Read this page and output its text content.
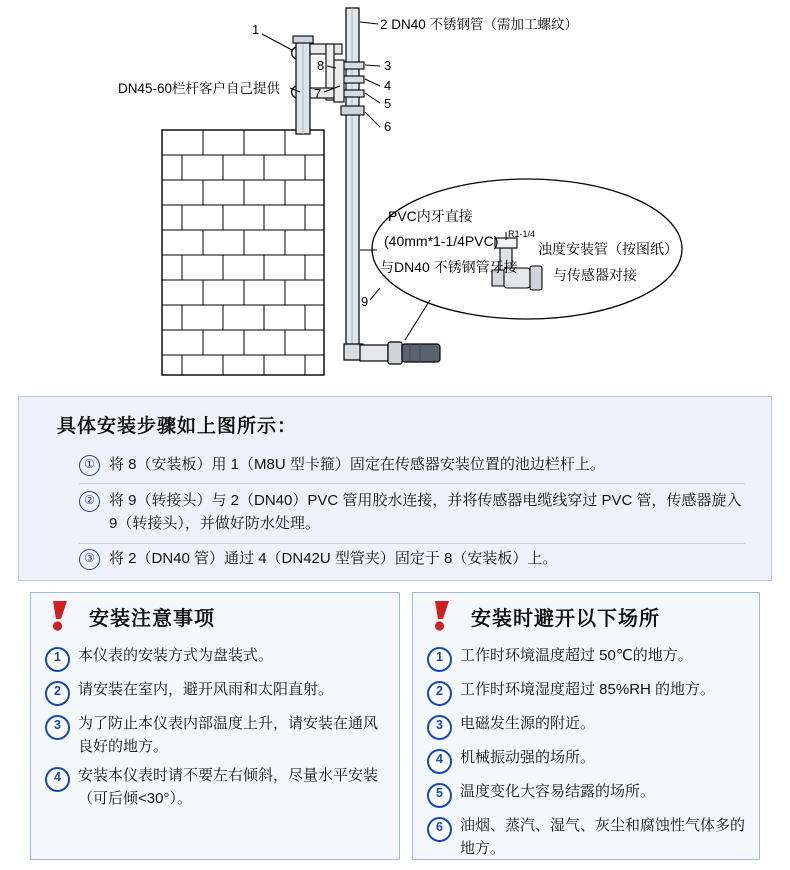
2 DN40 不锈钢管（需加工螺纹）
DN45-60栏杆客户自己提供
PVC内牙直接
(40mm*1-1/4PVC)
与DN40 不锈钢管牙接
浊度安装管（按图纸）
与传感器对接
R1-1/4
1
3
4
5
6
7
8
9
具体安装步骤如上图所示：
① 将 8（安装板）用 1（M8U 型卡箍）固定在传感器安装位置的池边栏杆上。
② 将 9（转接头）与 2（DN40）PVC 管用胶水连接，并将传感器电缆线穿过 PVC 管，传感器旋入 9（转接头），并做好防水处理。
③ 将 2（DN40 管）通过 4（DN42U 型管夹）固定于 8（安装板）上。
安装注意事项
1	本仪表的安装方式为盘装式。
2	请安装在室内，避开风雨和太阳直射。
3	为了防止本仪表内部温度上升，请安装在通风良好的地方。
4	安装本仪表时请不要左右倾斜，尽量水平安装（可后倾<30°）。
安装时避开以下场所
1	工作时环境温度超过 50℃的地方。
2	工作时环境湿度超过 85%RH 的地方。
3	电磁发生源的附近。
4	机械振动强的场所。
5	温度变化大容易结露的场所。
6	油烟、蒸汽、湿气、灰尘和腐蚀性气体多的地方。
